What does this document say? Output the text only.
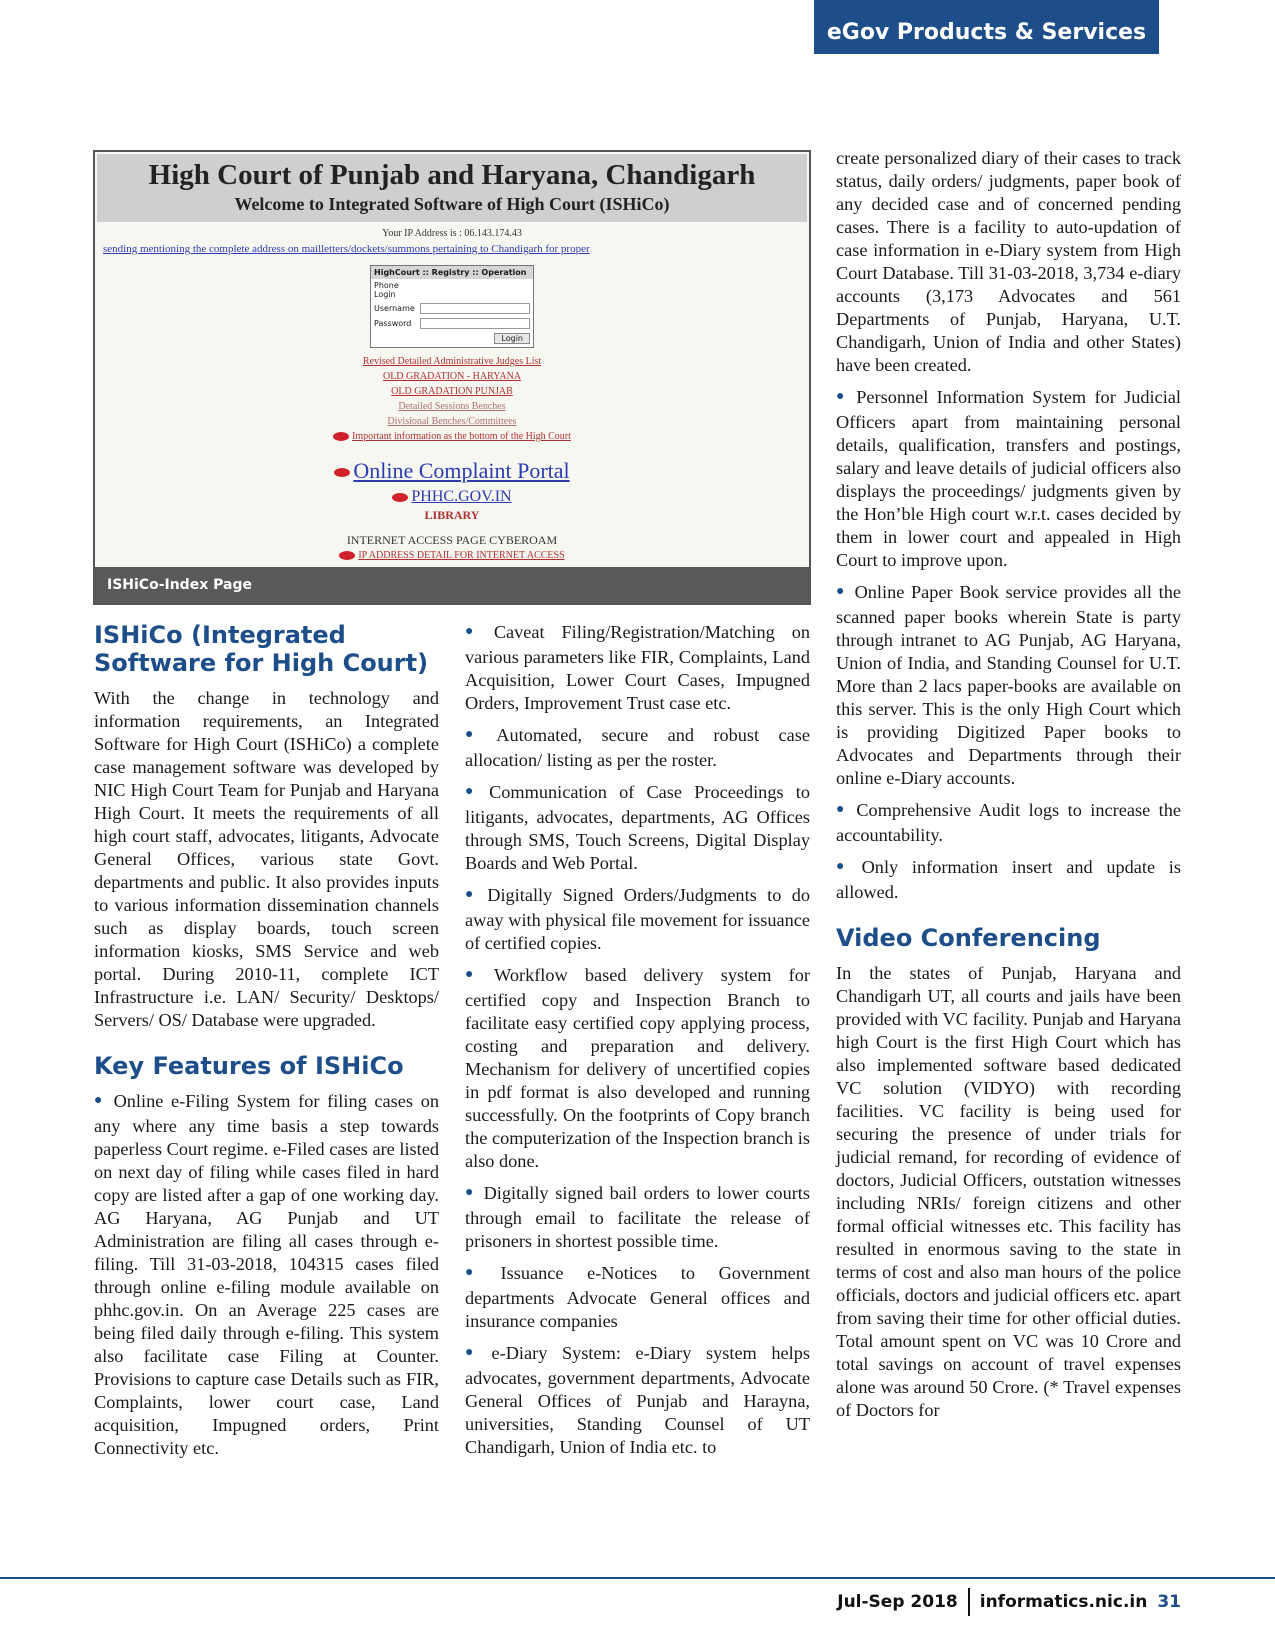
eGov Products & Services
High Court of Punjab and Haryana, Chandigarh
Welcome to Integrated Software of High Court (ISHiCo)
Your IP Address is : 06.143.174.43
sending mentioning the complete address on mailletters/dockets/summons pertaining to Chandigarh for proper
HighCourt :: Registry :: Operation
Phone Login
Username
Password
Login
Revised Detailed Administrative Judges List
OLD GRADATION - HARYANA
OLD GRADATION PUNJAB
Detailed Sessions Benches
Divisional Benches/Committees
Important information as the bottom of the High Court
Online Complaint Portal
PHHC.GOV.IN
LIBRARY
INTERNET ACCESS PAGE CYBEROAM
IP ADDRESS DETAIL FOR INTERNET ACCESS
ISHiCo-Index Page
ISHiCo (Integrated Software for High Court)

With the change in technology and information requirements, an Integrated Software for High Court (ISHiCo) a complete case management software was developed by NIC High Court Team for Punjab and Haryana High Court. It meets the requirements of all high court staff, advocates, litigants, Advocate General Offices, various state Govt. departments and public. It also provides inputs to various information dissemination channels such as display boards, touch screen information kiosks, SMS Service and web portal. During 2010-11, complete ICT Infrastructure i.e. LAN/ Security/ Desktops/ Servers/ OS/ Database were upgraded.

Key Features of ISHiCo

● Online e-Filing System for filing cases on any where any time basis a step towards paperless Court regime. e-Filed cases are listed on next day of filing while cases filed in hard copy are listed after a gap of one working day. AG Haryana, AG Punjab and UT Administration are filing all cases through e-filing. Till 31-03-2018, 104315 cases filed through online e-filing module available on phhc.gov.in. On an Average 225 cases are being filed daily through e-filing. This system also facilitate case Filing at Counter. Provisions to capture case Details such as FIR, Complaints, lower court case, Land acquisition, Impugned orders, Print Connectivity etc.

● Caveat Filing/Registration/Matching on various parameters like FIR, Complaints, Land Acquisition, Lower Court Cases, Impugned Orders, Improvement Trust case etc.

● Automated, secure and robust case allocation/ listing as per the roster.

● Communication of Case Proceedings to litigants, advocates, departments, AG Offices through SMS, Touch Screens, Digital Display Boards and Web Portal.

● Digitally Signed Orders/Judgments to do away with physical file movement for issuance of certified copies.

● Workflow based delivery system for certified copy and Inspection Branch to facilitate easy certified copy applying process, costing and preparation and delivery. Mechanism for delivery of uncertified copies in pdf format is also developed and running successfully. On the footprints of Copy branch the computerization of the Inspection branch is also done.

● Digitally signed bail orders to lower courts through email to facilitate the release of prisoners in shortest possible time.

● Issuance e-Notices to Government departments Advocate General offices and insurance companies

● e-Diary System: e-Diary system helps advocates, government departments, Advocate General Offices of Punjab and Harayna, universities, Standing Counsel of UT Chandigarh, Union of India etc. to

create personalized diary of their cases to track status, daily orders/ judgments, paper book of any decided case and of concerned pending cases. There is a facility to auto-updation of case information in e-Diary system from High Court Database. Till 31-03-2018, 3,734 e-diary accounts (3,173 Advocates and 561 Departments of Punjab, Haryana, U.T. Chandigarh, Union of India and other States) have been created.

● Personnel Information System for Judicial Officers apart from maintaining personal details, qualification, transfers and postings, salary and leave details of judicial officers also displays the proceedings/ judgments given by the Hon’ble High court w.r.t. cases decided by them in lower court and appealed in High Court to improve upon.

● Online Paper Book service provides all the scanned paper books wherein State is party through intranet to AG Punjab, AG Haryana, Union of India, and Standing Counsel for U.T. More than 2 lacs paper-books are available on this server. This is the only High Court which is providing Digitized Paper books to Advocates and Departments through their online e-Diary accounts.

● Comprehensive Audit logs to increase the accountability.

● Only information insert and update is allowed.

Video Conferencing

In the states of Punjab, Haryana and Chandigarh UT, all courts and jails have been provided with VC facility. Punjab and Haryana high Court is the first High Court which has also implemented software based dedicated VC solution (VIDYO) with recording facilities. VC facility is being used for securing the presence of under trials for judicial remand, for recording of evidence of doctors, Judicial Officers, outstation witnesses including NRIs/ foreign citizens and other formal official witnesses etc. This facility has resulted in enormous saving to the state in terms of cost and also man hours of the police officials, doctors and judicial officers etc. apart from saving their time for other official duties. Total amount spent on VC was 10 Crore and total savings on account of travel expenses alone was around 50 Crore. (* Travel expenses of Doctors for

Jul-Sep 2018 informatics.nic.in 31
